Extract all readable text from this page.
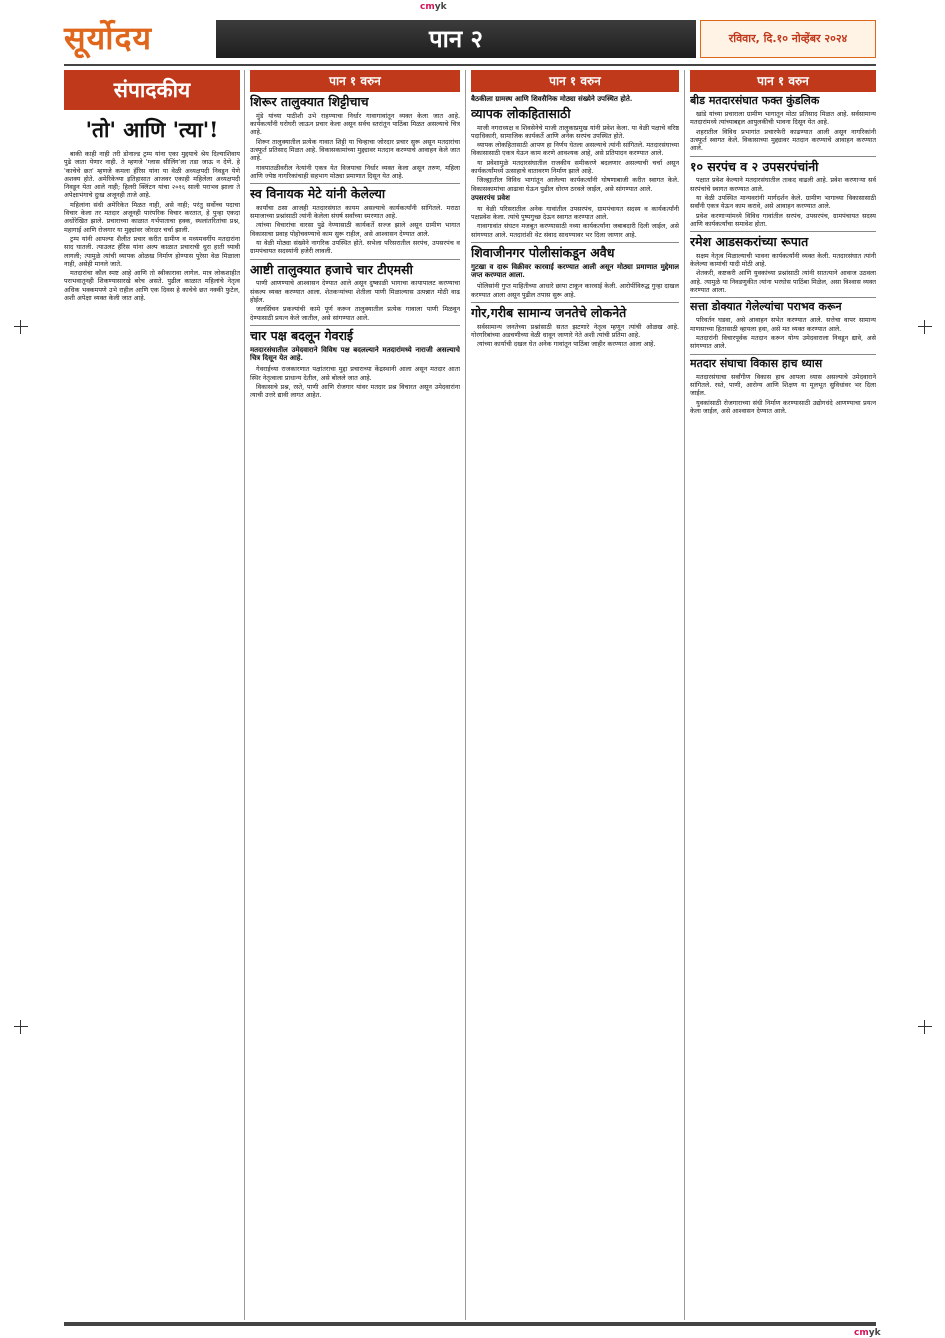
cmyk
सूर्योदय	पान २	रविवार, दि.१० नोव्हेंबर २०२४
संपादकीय
'तो' आणि 'त्या'!

बाकी काही नाही तरी डोनाल्ड ट्रम्प यांना एका मुद्दयाचे श्रेय दिल्याशिवाय पुढे जाता येणार नाही. ते म्हणजे 'ग्लास सीलिंग'ला तडा जाऊ न देणे. हे 'काचेचे छत' म्हणजे कमला हॅरिस यांना या वेळी अध्यक्षपदी निवडून येणे अशक्य होते. अमेरिकेच्या इतिहासात आजवर एकाही महिलेला अध्यक्षपदी निवडून येता आले नाही; हिलरी क्लिंटन यांचा २०१६ साली पराभव झाला ते अपेक्षाभंगाचे दुःख अजूनही ताजे आहे.

महिलांना संधी अमेरिकेत मिळत नाही, असे नाही; परंतु सर्वोच्च पदाचा विचार केला तर मतदार अजूनही पारंपरिक विचार करतात, हे पुन्हा एकदा अधोरेखित झाले. प्रचाराच्या काळात गर्भपाताचा हक्क, स्थलांतरितांचा प्रश्न, महागाई आणि रोजगार या मुद्द्यांवर जोरदार चर्चा झाली.

ट्रम्प यांनी आपल्या शैलीत प्रचार करीत ग्रामीण व मध्यमवर्गीय मतदारांना साद घातली. त्याउलट हॅरिस यांना अल्प काळात प्रचाराची धुरा हाती घ्यावी लागली; त्यामुळे त्यांची व्यापक ओळख निर्माण होण्यास पुरेसा वेळ मिळाला नाही, असेही मानले जाते.

मतदारांचा कौल स्पष्ट आहे आणि तो स्वीकारावा लागेल. मात्र लोकशाहीत पराभवातूनही शिकण्यासारखे बरेच असते. पुढील काळात महिलांचे नेतृत्व अधिक भक्कमपणे उभे राहील आणि एक दिवस हे काचेचे छत नक्की फुटेल, अशी अपेक्षा व्यक्त केली जात आहे.

पान १ वरुन
शिरूर तालुक्यात शिट्टीचाच

मुंडे यांच्या पाठीशी उभे राहण्याचा निर्धार गावागावांतून व्यक्त केला जात आहे. कार्यकर्त्यांनी घरोघरी जाऊन प्रचार केला असून सर्वच स्तरांतून पाठिंबा मिळत असल्याचे चित्र आहे.

शिरूर तालुक्यातील प्रत्येक गावात शिट्टी या चिन्हाचा जोरदार प्रचार सुरू असून मतदारांचा उत्स्फूर्त प्रतिसाद मिळत आहे. विकासकामांच्या मुद्द्यावर मतदान करण्याचे आवाहन केले जात आहे.

गावपातळीवरील नेत्यांनी एकत्र येत विजयाचा निर्धार व्यक्त केला असून तरुण, महिला आणि ज्येष्ठ नागरिकांचाही सहभाग मोठ्या प्रमाणात दिसून येत आहे.

स्व विनायक मेटे यांनी केलेल्या

कार्यांचा ठसा आजही मतदारसंघात कायम असल्याचे कार्यकर्त्यांनी सांगितले. मराठा समाजाच्या प्रश्नांसाठी त्यांनी केलेला संघर्ष सर्वांच्या स्मरणात आहे.

त्यांच्या विचारांचा वारसा पुढे नेण्यासाठी कार्यकर्ते सज्ज झाले असून ग्रामीण भागात विकासाचा प्रवाह पोहोचवण्याचे काम सुरू राहील, असे आश्वासन देण्यात आले.

या वेळी मोठ्या संख्येने नागरिक उपस्थित होते. सभेला परिसरातील सरपंच, उपसरपंच व ग्रामपंचायत सदस्यांनी हजेरी लावली.

आष्टी तालुक्यात हजाचे चार टीएमसी

पाणी आणण्याचे आश्वासन देण्यात आले असून दुष्काळी भागाचा कायापालट करण्याचा संकल्प व्यक्त करण्यात आला. शेतकऱ्यांच्या शेतीला पाणी मिळाल्यास उत्पन्नात मोठी वाढ होईल.

जलसिंचन प्रकल्पांची कामे पूर्ण करून तालुक्यातील प्रत्येक गावाला पाणी मिळवून देण्यासाठी प्रयत्न केले जातील, असे सांगण्यात आले.

चार पक्ष बदलून गेवराई
मतदारसंघातील उमेदवाराने विविध पक्ष बदलल्याने मतदारांमध्ये नाराजी असल्याचे चित्र दिसून येत आहे.

गेवराईच्या राजकारणात पक्षांतराचा मुद्दा प्रचाराच्या केंद्रस्थानी आला असून मतदार आता स्थिर नेतृत्वाला प्राधान्य देतील, असे बोलले जात आहे.

विकासाचे प्रश्न, रस्ते, पाणी आणि रोजगार यांवर मतदार प्रश्न विचारत असून उमेदवारांना त्याची उत्तरे द्यावी लागत आहेत.

पान १ वरुन
बैठकीला ग्रामस्थ आणि शिवसैनिक मोठ्या संख्येने उपस्थित होते.
व्यापक लोकहितासाठी

माजी नगराध्यक्ष व शिवसेनेचे माजी तालुकाप्रमुख यांनी प्रवेश केला. या वेळी पक्षाचे वरिष्ठ पदाधिकारी, सामाजिक कार्यकर्ते आणि अनेक सरपंच उपस्थित होते.

व्यापक लोकहितासाठी आपण हा निर्णय घेतला असल्याचे त्यांनी सांगितले. मतदारसंघाच्या विकासासाठी एकत्र येऊन काम करणे आवश्यक आहे, असे प्रतिपादन करण्यात आले.

या प्रवेशामुळे मतदारसंघातील राजकीय समीकरणे बदलणार असल्याची चर्चा असून कार्यकर्त्यांमध्ये उत्साहाचे वातावरण निर्माण झाले आहे.

जिल्ह्यातील विविध भागांतून आलेल्या कार्यकर्त्यांनी घोषणाबाजी करीत स्वागत केले. विकासकामांचा आढावा घेऊन पुढील धोरण ठरवले जाईल, असे सांगण्यात आले.

उपसरपंच प्रवेश

या वेळी परिसरातील अनेक गावांतील उपसरपंच, ग्रामपंचायत सदस्य व कार्यकर्त्यांनी पक्षप्रवेश केला. त्यांचे पुष्पगुच्छ देऊन स्वागत करण्यात आले.

गावागावांत संघटन मजबूत करण्यासाठी नव्या कार्यकर्त्यांना जबाबदारी दिली जाईल, असे सांगण्यात आले. मतदारांशी थेट संवाद साधण्यावर भर दिला जाणार आहे.

शिवाजीनगर पोलीसांकडून अवैध
गुटखा व दारू विक्रीवर कारवाई करण्यात आली असून मोठ्या प्रमाणात मुद्देमाल जप्त करण्यात आला.

पोलिसांनी गुप्त माहितीच्या आधारे छापा टाकून कारवाई केली. आरोपींविरुद्ध गुन्हा दाखल करण्यात आला असून पुढील तपास सुरू आहे.

गोर,गरीब सामान्य जनतेचे लोकनेते

सर्वसामान्य जनतेच्या प्रश्नांसाठी सतत झटणारे नेतृत्व म्हणून त्यांची ओळख आहे. गोरगरिबांच्या अडचणीच्या वेळी धावून जाणारे नेते अशी त्यांची प्रतिमा आहे.

त्यांच्या कार्याची दखल घेत अनेक गावांतून पाठिंबा जाहीर करण्यात आला आहे.

पान १ वरुन
बीड मतदारसंघात फक्त कुंडलिक

खांडे यांच्या प्रचाराला ग्रामीण भागातून मोठा प्रतिसाद मिळत आहे. सर्वसामान्य मतदारांमध्ये त्यांच्याबद्दल आपुलकीची भावना दिसून येत आहे.

शहरातील विविध प्रभागांत प्रचारफेरी काढण्यात आली असून नागरिकांनी उत्स्फूर्त स्वागत केले. विकासाच्या मुद्द्यावर मतदान करण्याचे आवाहन करण्यात आले.

१० सरपंच व २ उपसरपंचांनी

पक्षात प्रवेश केल्याने मतदारसंघातील ताकद वाढली आहे. प्रवेश करणाऱ्या सर्व सरपंचांचे स्वागत करण्यात आले.

या वेळी उपस्थित मान्यवरांनी मार्गदर्शन केले. ग्रामीण भागाच्या विकासासाठी सर्वांनी एकत्र येऊन काम करावे, असे आवाहन करण्यात आले.

प्रवेश करणाऱ्यांमध्ये विविध गावांतील सरपंच, उपसरपंच, ग्रामपंचायत सदस्य आणि कार्यकर्त्यांचा समावेश होता.

रमेश आडसकरांच्या रूपात

सक्षम नेतृत्व मिळाल्याची भावना कार्यकर्त्यांनी व्यक्त केली. मतदारसंघात त्यांनी केलेल्या कामांची यादी मोठी आहे.

शेतकरी, कष्टकरी आणि युवकांच्या प्रश्नांसाठी त्यांनी सातत्याने आवाज उठवला आहे. त्यामुळे या निवडणुकीत त्यांना भरघोस पाठिंबा मिळेल, असा विश्वास व्यक्त करण्यात आला.

सत्ता डोक्यात गेलेल्यांचा पराभव करून

परिवर्तन घडवा, असे आवाहन सभेत करण्यात आले. सत्तेचा वापर सामान्य माणसाच्या हितासाठी व्हायला हवा, असे मत व्यक्त करण्यात आले.

मतदारांनी विचारपूर्वक मतदान करून योग्य उमेदवाराला निवडून द्यावे, असे सांगण्यात आले.

मतदार संघाचा विकास हाच ध्यास

मतदारसंघाचा सर्वांगीण विकास हाच आपला ध्यास असल्याचे उमेदवाराने सांगितले. रस्ते, पाणी, आरोग्य आणि शिक्षण या मूलभूत सुविधांवर भर दिला जाईल.

युवकांसाठी रोजगाराच्या संधी निर्माण करण्यासाठी उद्योगधंदे आणण्याचा प्रयत्न केला जाईल, असे आश्वासन देण्यात आले.

cmyk
